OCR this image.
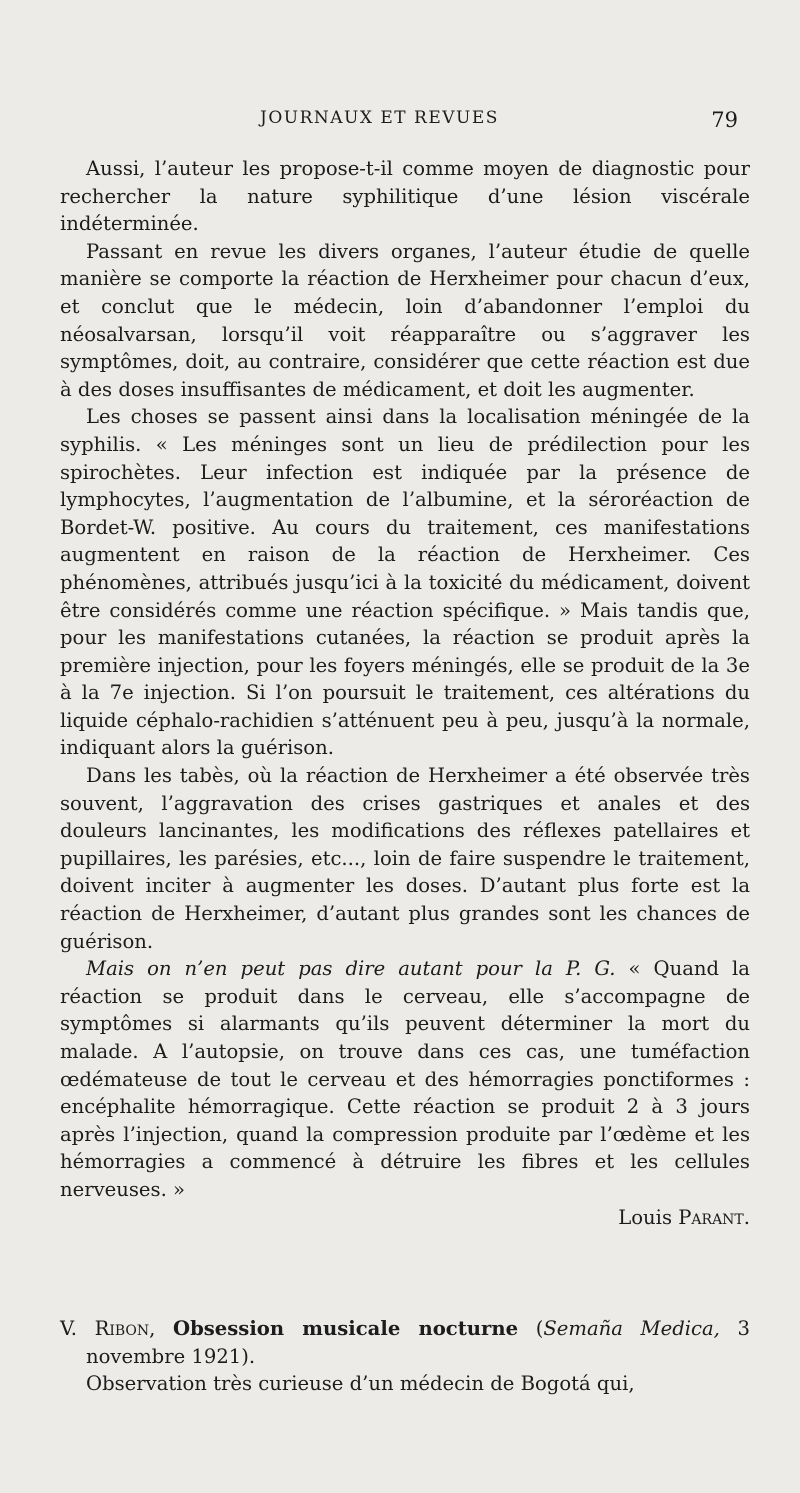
JOURNAUX ET REVUES	79

Aussi, l’auteur les propose-t-il comme moyen de diagnostic pour rechercher la nature syphilitique d’une lésion viscérale indéterminée.

Passant en revue les divers organes, l’auteur étudie de quelle manière se comporte la réaction de Herxheimer pour chacun d’eux, et conclut que le médecin, loin d’abandonner l’emploi du néosalvarsan, lorsqu’il voit réapparaître ou s’aggraver les symptômes, doit, au contraire, considérer que cette réaction est due à des doses insuffisantes de médicament, et doit les augmenter.

Les choses se passent ainsi dans la localisation méningée de la syphilis. « Les méninges sont un lieu de prédilection pour les spirochètes. Leur infection est indiquée par la présence de lymphocytes, l’augmentation de l’albumine, et la séroréaction de Bordet-W. positive. Au cours du traitement, ces manifestations augmentent en raison de la réaction de Herxheimer. Ces phénomènes, attribués jusqu’ici à la toxicité du médicament, doivent être considérés comme une réaction spécifique. » Mais tandis que, pour les manifestations cutanées, la réaction se produit après la première injection, pour les foyers méningés, elle se produit de la 3e à la 7e injection. Si l’on poursuit le traitement, ces altérations du liquide céphalo-rachidien s’atténuent peu à peu, jusqu’à la normale, indiquant alors la guérison.

Dans les tabès, où la réaction de Herxheimer a été observée très souvent, l’aggravation des crises gastriques et anales et des douleurs lancinantes, les modifications des réflexes patellaires et pupillaires, les parésies, etc..., loin de faire suspendre le traitement, doivent inciter à augmenter les doses. D’autant plus forte est la réaction de Herxheimer, d’autant plus grandes sont les chances de guérison.

Mais on n’en peut pas dire autant pour la P. G. « Quand la réaction se produit dans le cerveau, elle s’accompagne de symptômes si alarmants qu’ils peuvent déterminer la mort du malade. A l’autopsie, on trouve dans ces cas, une tuméfaction œdémateuse de tout le cerveau et des hémorragies ponctiformes : encéphalite hémorragique. Cette réaction se produit 2 à 3 jours après l’injection, quand la compression produite par l’œdème et les hémorragies a commencé à détruire les fibres et les cellules nerveuses. »

Louis Parant.

V. Ribon, Obsession musicale nocturne (Semaña Medica, 3 novembre 1921).

Observation très curieuse d’un médecin de Bogotá qui,
